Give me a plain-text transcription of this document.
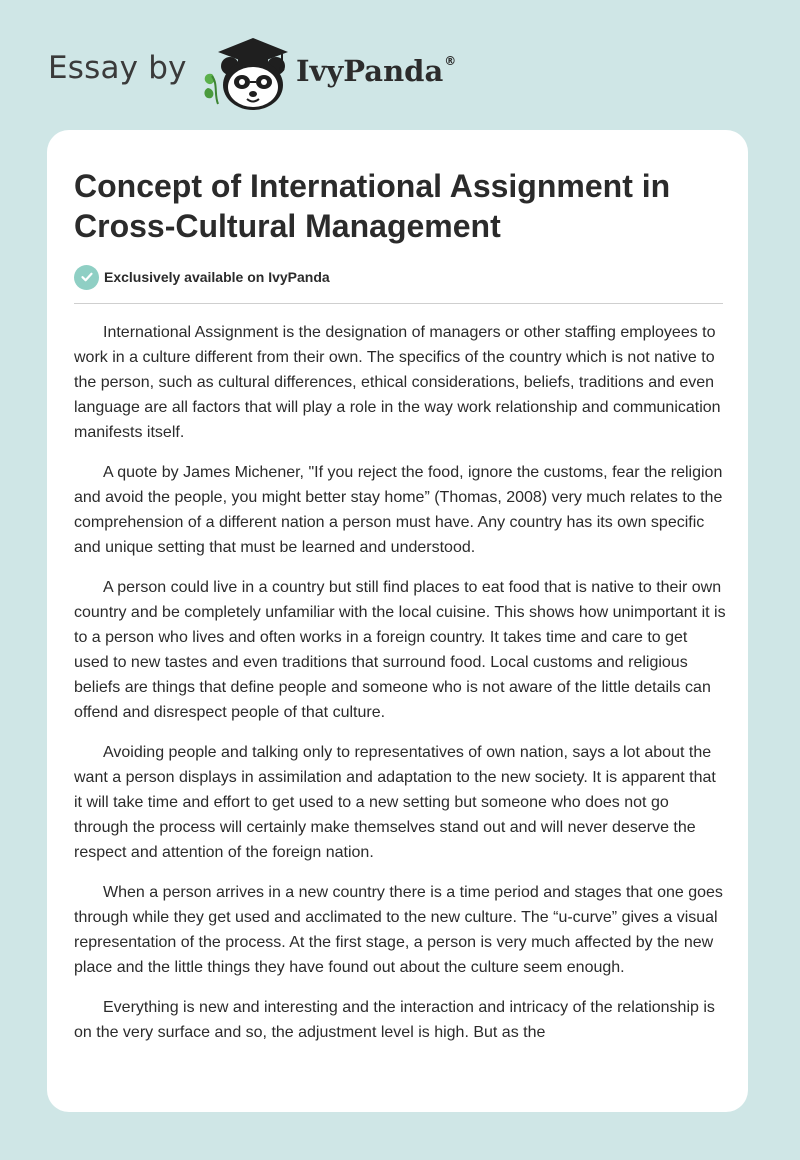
Essay by	IvyPanda®
Concept of International Assignment in Cross-Cultural Management
Exclusively available on IvyPanda

International Assignment is the designation of managers or other staffing employees to work in a culture different from their own. The specifics of the country which is not native to the person, such as cultural differences, ethical considerations, beliefs, traditions and even language are all factors that will play a role in the way work relationship and communication manifests itself.

A quote by James Michener, "If you reject the food, ignore the customs, fear the religion and avoid the people, you might better stay home” (Thomas, 2008) very much relates to the comprehension of a different nation a person must have. Any country has its own specific and unique setting that must be learned and understood.

A person could live in a country but still find places to eat food that is native to their own country and be completely unfamiliar with the local cuisine. This shows how unimportant it is to a person who lives and often works in a foreign country. It takes time and care to get used to new tastes and even traditions that surround food. Local customs and religious beliefs are things that define people and someone who is not aware of the little details can offend and disrespect people of that culture.

Avoiding people and talking only to representatives of own nation, says a lot about the want a person displays in assimilation and adaptation to the new society. It is apparent that it will take time and effort to get used to a new setting but someone who does not go through the process will certainly make themselves stand out and will never deserve the respect and attention of the foreign nation.

When a person arrives in a new country there is a time period and stages that one goes through while they get used and acclimated to the new culture. The “u-curve” gives a visual representation of the process. At the first stage, a person is very much affected by the new place and the little things they have found out about the culture seem enough.

Everything is new and interesting and the interaction and intricacy of the relationship is on the very surface and so, the adjustment level is high. But as the
